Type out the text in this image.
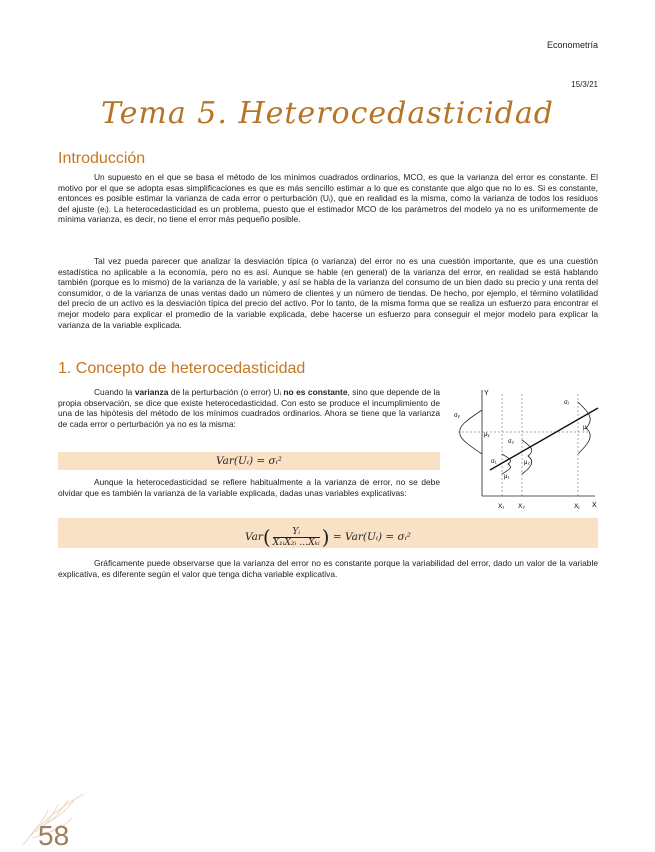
Econometría
15/3/21
Tema 5. Heterocedasticidad
Introducción
Un supuesto en el que se basa el método de los mínimos cuadrados ordinarios, MCO, es que la varianza del error es constante. El motivo por el que se adopta esas simplificaciones es que es más sencillo estimar a lo que es constante que algo que no lo es. Si es constante, entonces es posible estimar la varianza de cada error o perturbación (Uᵢ), que en realidad es la misma, como la varianza de todos los residuos del ajuste (eᵢ). La heterocedasticidad es un problema, puesto que el estimador MCO de los parámetros del modelo ya no es uniformemente de mínima varianza, es decir, no tiene el error más pequeño posible.
Tal vez pueda parecer que analizar la desviación típica (o varianza) del error no es una cuestión importante, que es una cuestión estadística no aplicable a la economía, pero no es así. Aunque se hable (en general) de la varianza del error, en realidad se está hablando también (porque es lo mismo) de la varianza de la variable, y así se habla de la varianza del consumo de un bien dado su precio y una renta del consumidor, o de la varianza de unas ventas dado un número de clientes y un número de tiendas. De hecho, por ejemplo, el término volatilidad del precio de un activo es la desviación típica del precio del activo. Por lo tanto, de la misma forma que se realiza un esfuerzo para encontrar el mejor modelo para explicar el promedio de la variable explicada, debe hacerse un esfuerzo para conseguir el mejor modelo para explicar la varianza de la variable explicada.
1. Concepto de heterocedasticidad
Cuando la varianza de la perturbación (o error) Uᵢ no es constante, sino que depende de la propia observación, se dice que existe heterocedasticidad. Con esto se produce el incumplimiento de una de las hipótesis del método de los mínimos cuadrados ordinarios. Ahora se tiene que la varianza de cada error o perturbación ya no es la misma:
Var(Uᵢ) = σᵢ²
Aunque la heterocedasticidad se refiere habitualmente a la varianza de error, no se debe olvidar que es también la varianza de la variable explicada, dadas unas variables explicativas:
$Var( \frac{\text{Yᵢ}}{\text{X₁ᵢX₂ᵢ …Xₖᵢ}}$ ) = Var(Uᵢ) = σᵢ²
Gráficamente puede observarse que la varianza del error no es constante porque la variabilidad del error, dado un valor de la variable explicativa, es diferente según el valor que tenga dicha variable explicativa.
Y
X
σᵧ
μᵧ
σ₁
σ₂
σⱼ
μ₁
μ₂
μⱼ
X₁ X₂	Xⱼ
58
